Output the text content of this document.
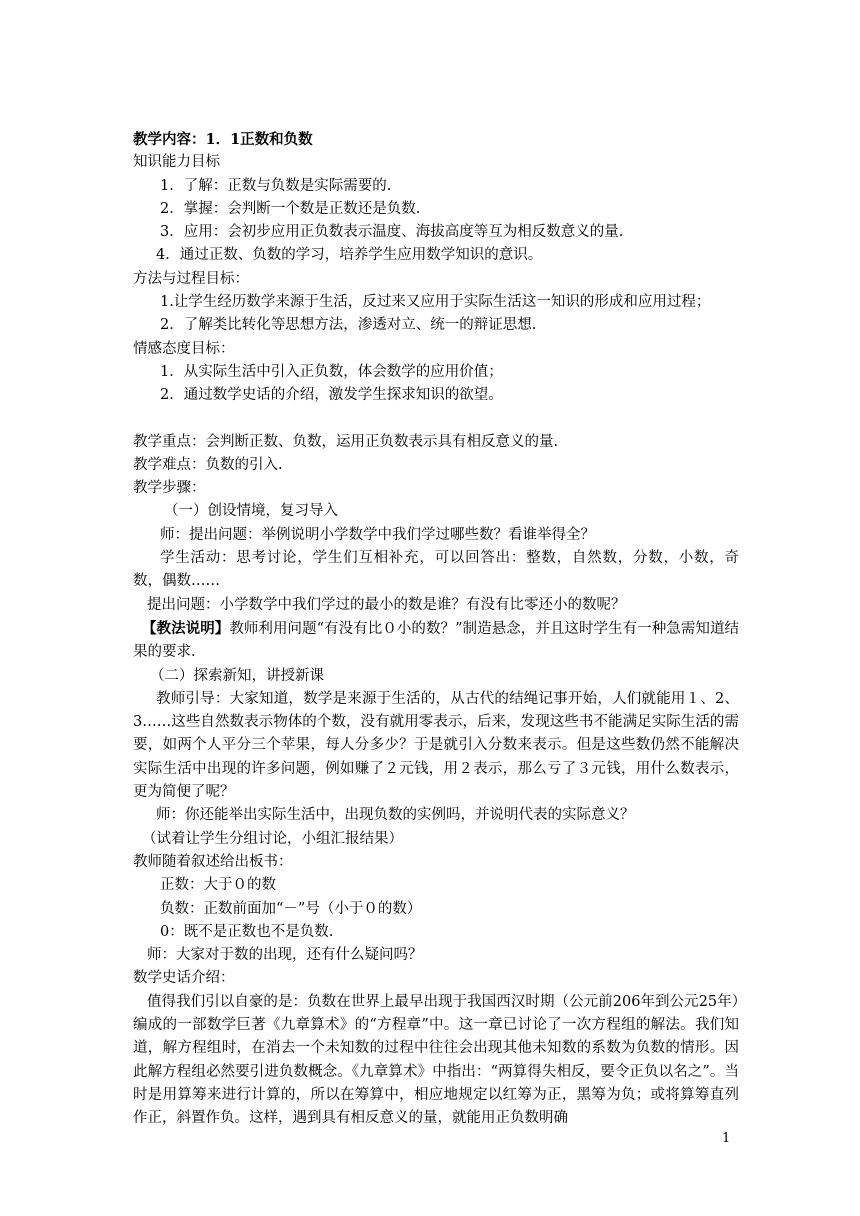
教学内容：1．1正数和负数
知识能力目标
1．了解：正数与负数是实际需要的.
2．掌握：会判断一个数是正数还是负数.
3．应用：会初步应用正负数表示温度、海拔高度等互为相反数意义的量.
4．通过正数、负数的学习，培养学生应用数学知识的意识。
方法与过程目标：
1.让学生经历数学来源于生活，反过来又应用于实际生活这一知识的形成和应用过程；
2．了解类比转化等思想方法，渗透对立、统一的辩证思想.
情感态度目标：
1．从实际生活中引入正负数，体会数学的应用价值；
2．通过数学史话的介绍，激发学生探求知识的欲望。
教学重点：会判断正数、负数，运用正负数表示具有相反意义的量.
教学难点：负数的引入.
教学步骤：
（一）创设情境，复习导入
师：提出问题：举例说明小学数学中我们学过哪些数？看谁举得全？
学生活动：思考讨论，学生们互相补充，可以回答出：整数，自然数，分数，小数，奇数，偶数……
提出问题：小学数学中我们学过的最小的数是谁？有没有比零还小的数呢？
【教法说明】教师利用问题“有没有比０小的数？”制造悬念，并且这时学生有一种急需知道结果的要求.
（二）探索新知，讲授新课
教师引导：大家知道，数学是来源于生活的，从古代的结绳记事开始，人们就能用１、2、3……这些自然数表示物体的个数，没有就用零表示，后来，发现这些书不能满足实际生活的需要，如两个人平分三个苹果，每人分多少？于是就引入分数来表示。但是这些数仍然不能解决实际生活中出现的许多问题，例如赚了２元钱，用２表示，那么亏了３元钱，用什么数表示，更为简便了呢？
师：你还能举出实际生活中，出现负数的实例吗，并说明代表的实际意义？
（试着让学生分组讨论，小组汇报结果）
教师随着叙述给出板书：
正数：大于０的数
负数：正数前面加“－”号（小于０的数）
0：既不是正数也不是负数.
师：大家对于数的出现，还有什么疑问吗？
数学史话介绍：
值得我们引以自豪的是：负数在世界上最早出现于我国西汉时期（公元前206年到公元25年）编成的一部数学巨著《九章算术》的“方程章”中。这一章已讨论了一次方程组的解法。我们知道，解方程组时，在消去一个未知数的过程中往往会出现其他未知数的系数为负数的情形。因此解方程组必然要引进负数概念。《九章算术》中指出：“两算得失相反，要令正负以名之”。当时是用算筹来进行计算的，所以在筹算中，相应地规定以红筹为正，黑筹为负；或将算筹直列作正，斜置作负。这样，遇到具有相反意义的量，就能用正负数明确
1
